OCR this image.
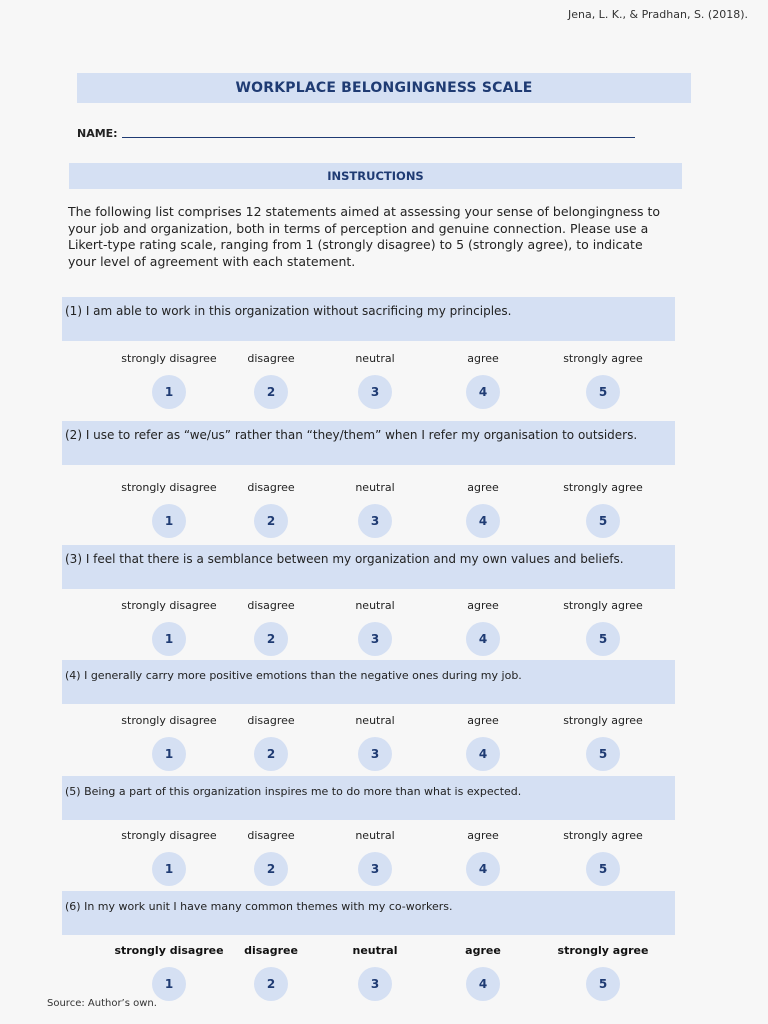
Jena, L. K., & Pradhan, S. (2018).
WORKPLACE BELONGINGNESS SCALE
NAME:
INSTRUCTIONS
The following list comprises 12 statements aimed at assessing your sense of belongingness to your job and organization, both in terms of perception and genuine connection. Please use a Likert-type rating scale, ranging from 1 (strongly disagree) to 5 (strongly agree), to indicate your level of agreement with each statement.
(1) I am able to work in this organization without sacrificing my principles.
strongly disagree
1
disagree
2
neutral
3
agree
4
strongly agree
5
(2) I use to refer as “we/us” rather than “they/them” when I refer my organisation to outsiders.
strongly disagree
1
disagree
2
neutral
3
agree
4
strongly agree
5
(3) I feel that there is a semblance between my organization and my own values and beliefs.
strongly disagree
1
disagree
2
neutral
3
agree
4
strongly agree
5
(4) I generally carry more positive emotions than the negative ones during my job.
strongly disagree
1
disagree
2
neutral
3
agree
4
strongly agree
5
(5) Being a part of this organization inspires me to do more than what is expected.
strongly disagree
1
disagree
2
neutral
3
agree
4
strongly agree
5
(6) In my work unit I have many common themes with my co-workers.
strongly disagree
1
disagree
2
neutral
3
agree
4
strongly agree
5
Source: Author’s own.
